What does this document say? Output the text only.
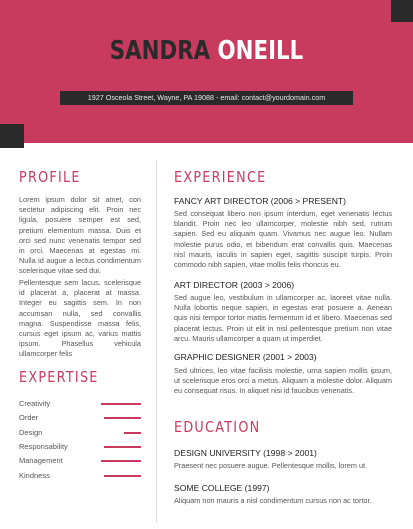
SANDRA ONEILL
1927 Osceola Street, Wayne, PA 19088 - email: contact@yourdomain.com
PROFILE

Lorem ipsum dolor sit amet, con sectetur adipiscing elit. Proin nec ligula, posuere semper est sed, pretium elementum massa. Duis et orci sed nunc venenatis tempor sed in orci. Maecenas at egestas mi. Nulla id augue a lectus condimentum scelerisque vitae sed dui.

Pellentesque sem lacus, scelerisque id placerat a, placerat at massa. Integer eu sagittis sem. In non accumsan nulla, sed convallis magna. Suspendisse massa felis, cursus eget ipsum ac, varius mattis ipsum. Phasellus vehicula ullamcorper felis

EXPERTISE
Creativity
Order
Design
Responsability
Management
Kindness
EXPERIENCE
FANCY ART DIRECTOR (2006 > PRESENT)

Sed consequat libero non ipsum interdum, eget venenatis lectus blandit. Proin nec leo ullamcorper, molestie nibh sed, rutrum sapien. Sed eu aliquam quam. Vivamus nec augue leo. Nullam molestie purus odio, et bibendum erat convallis quis. Maecenas nisl mauris, iaculis in sapien eget, sagittis suscipit turpis. Proin commodo nibh sapien, vitae mollis felis rhoncus eu.

ART DIRECTOR (2003 > 2006)

Sed augue leo, vestibulum in ullamcorper ac, laoreet vitae nulla. Nulla lobortis neque sapien, in egestas erat posuere a. Aenean quis nisi tempor tortor mattis fermentum id et libero. Maecenas sed placerat lectus. Proin ut elit in nisl pellentesque pretium non vitae arcu. Mauris ullamcorper a quam ut imperdiet.

GRAPHIC DESIGNER (2001 > 2003)

Sed ultrices, leo vitae facilisis molestie, urna sapien mollis ipsum, ut scelerisque eros orci a metus. Aliquam a molestie dolor. Aliquam eu consequat risus. In aliquet nisi id faucibus venenatis.

EDUCATION
DESIGN UNIVERSITY (1998 > 2001)

Praesent nec posuere augue. Pellentesque mollis, lorem ut.

SOME COLLEGE (1997)

Aliquam non mauris a nisl condimentum cursus non ac tortor.
